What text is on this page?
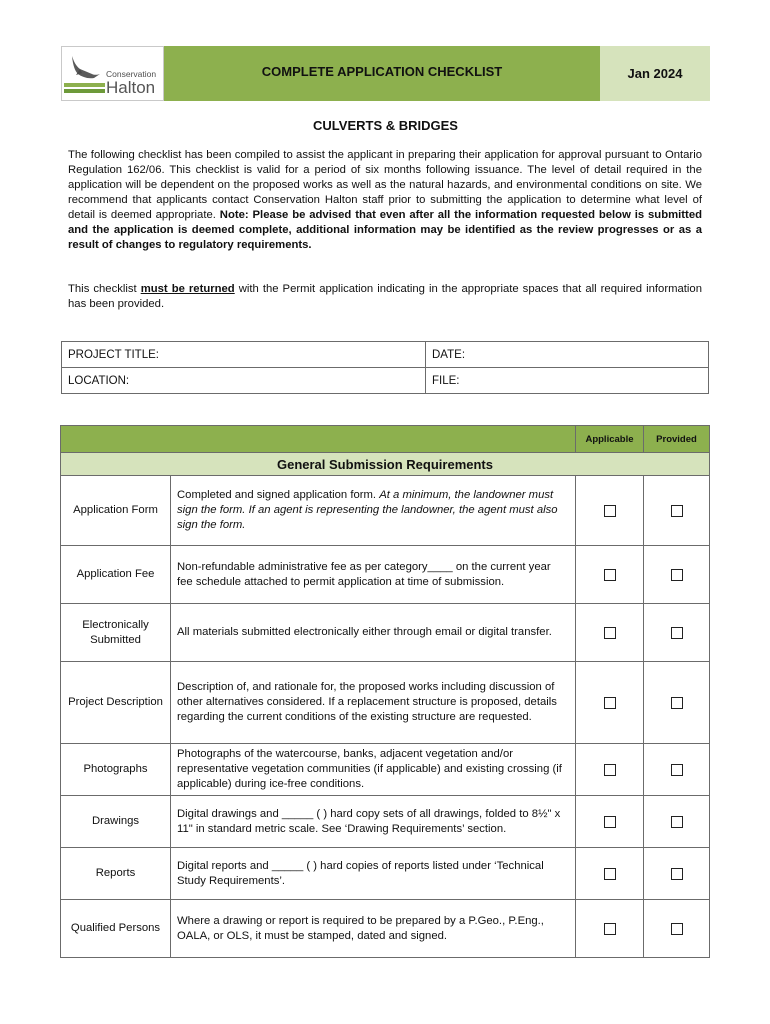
Conservation
Halton
COMPLETE APPLICATION CHECKLIST	Jan 2024
CULVERTS & BRIDGES
The following checklist has been compiled to assist the applicant in preparing their application for approval pursuant to Ontario Regulation 162/06. This checklist is valid for a period of six months following issuance. The level of detail required in the application will be dependent on the proposed works as well as the natural hazards, and environmental conditions on site. We recommend that applicants contact Conservation Halton staff prior to submitting the application to determine what level of detail is deemed appropriate. Note: Please be advised that even after all the information requested below is submitted and the application is deemed complete, additional information may be identified as the review progresses or as a result of changes to regulatory requirements.
This checklist must be returned with the Permit application indicating in the appropriate spaces that all required information has been provided.
PROJECT TITLE:	DATE:
LOCATION:	FILE:
		Applicable	Provided
General Submission Requirements			
Application Form	Completed and signed application form. At a minimum, the landowner must sign the form. If an agent is representing the landowner, the agent must also sign the form.		
Application Fee	Non-refundable administrative fee as per category____ on the current year fee schedule attached to permit application at time of submission.		
Electronically Submitted	All materials submitted electronically either through email or digital transfer.		
Project Description	Description of, and rationale for, the proposed works including discussion of other alternatives considered. If a replacement structure is proposed, details regarding the current conditions of the existing structure are requested.		
Photographs	Photographs of the watercourse, banks, adjacent vegetation and/or representative vegetation communities (if applicable) and existing crossing (if applicable) during ice-free conditions.		
Drawings	Digital drawings and _____ ( ) hard copy sets of all drawings, folded to 8½" x 11" in standard metric scale. See ‘Drawing Requirements’ section.		
Reports	Digital reports and _____ ( ) hard copies of reports listed under ‘Technical Study Requirements’.		
Qualified Persons	Where a drawing or report is required to be prepared by a P.Geo., P.Eng., OALA, or OLS, it must be stamped, dated and signed.		
